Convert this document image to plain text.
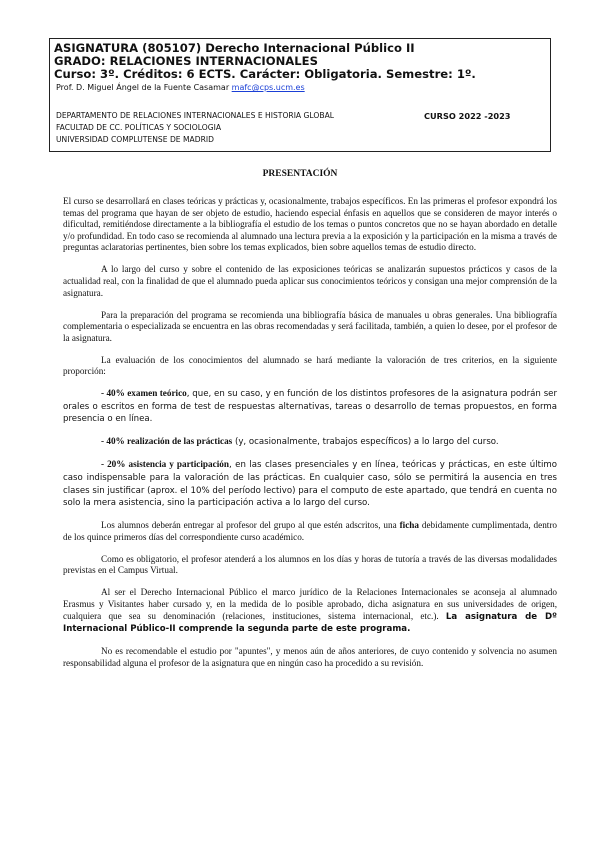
ASIGNATURA (805107) Derecho Internacional Público II
GRADO: RELACIONES INTERNACIONALES
Curso: 3º. Créditos: 6 ECTS. Carácter: Obligatoria. Semestre: 1º.
Prof. D. Miguel Ángel de la Fuente Casamar mafc@cps.ucm.es
DEPARTAMENTO DE RELACIONES INTERNACIONALES E HISTORIA GLOBAL	CURSO 2022 -2023
FACULTAD DE CC. POLÍTICAS Y SOCIOLOGIA
UNIVERSIDAD COMPLUTENSE DE MADRID
PRESENTACIÓN

El curso se desarrollará en clases teóricas y prácticas y, ocasionalmente, trabajos específicos. En las primeras el profesor expondrá los temas del programa que hayan de ser objeto de estudio, haciendo especial énfasis en aquellos que se consideren de mayor interés o dificultad, remitiéndose directamente a la bibliografía el estudio de los temas o puntos concretos que no se hayan abordado en detalle y/o profundidad. En todo caso se recomienda al alumnado una lectura previa a la exposición y la participación en la misma a través de preguntas aclaratorias pertinentes, bien sobre los temas explicados, bien sobre aquellos temas de estudio directo.

A lo largo del curso y sobre el contenido de las exposiciones teóricas se analizarán supuestos prácticos y casos de la actualidad real, con la finalidad de que el alumnado pueda aplicar sus conocimientos teóricos y consigan una mejor comprensión de la asignatura.

Para la preparación del programa se recomienda una bibliografía básica de manuales u obras generales. Una bibliografía complementaria o especializada se encuentra en las obras recomendadas y será facilitada, también, a quien lo desee, por el profesor de la asignatura.

La evaluación de los conocimientos del alumnado se hará mediante la valoración de tres criterios, en la siguiente proporción:

- 40% examen teórico, que, en su caso, y en función de los distintos profesores de la asignatura podrán ser orales o escritos en forma de test de respuestas alternativas, tareas o desarrollo de temas propuestos, en forma presencia o en línea.

- 40% realización de las prácticas (y, ocasionalmente, trabajos específicos) a lo largo del curso.

- 20% asistencia y participación, en las clases presenciales y en línea, teóricas y prácticas, en este último caso indispensable para la valoración de las prácticas. En cualquier caso, sólo se permitirá la ausencia en tres clases sin justificar (aprox. el 10% del período lectivo) para el computo de este apartado, que tendrá en cuenta no solo la mera asistencia, sino la participación activa a lo largo del curso.

Los alumnos deberán entregar al profesor del grupo al que estén adscritos, una ficha debidamente cumplimentada, dentro de los quince primeros días del correspondiente curso académico.

Como es obligatorio, el profesor atenderá a los alumnos en los días y horas de tutoría a través de las diversas modalidades previstas en el Campus Virtual.

Al ser el Derecho Internacional Público el marco jurídico de la Relaciones Internacionales se aconseja al alumnado Erasmus y Visitantes haber cursado y, en la medida de lo posible aprobado, dicha asignatura en sus universidades de origen, cualquiera que sea su denominación (relaciones, instituciones, sistema internacional, etc.). La asignatura de Dº Internacional Público-II comprende la segunda parte de este programa.

No es recomendable el estudio por "apuntes", y menos aún de años anteriores, de cuyo contenido y solvencia no asumen responsabilidad alguna el profesor de la asignatura que en ningún caso ha procedido a su revisión.
